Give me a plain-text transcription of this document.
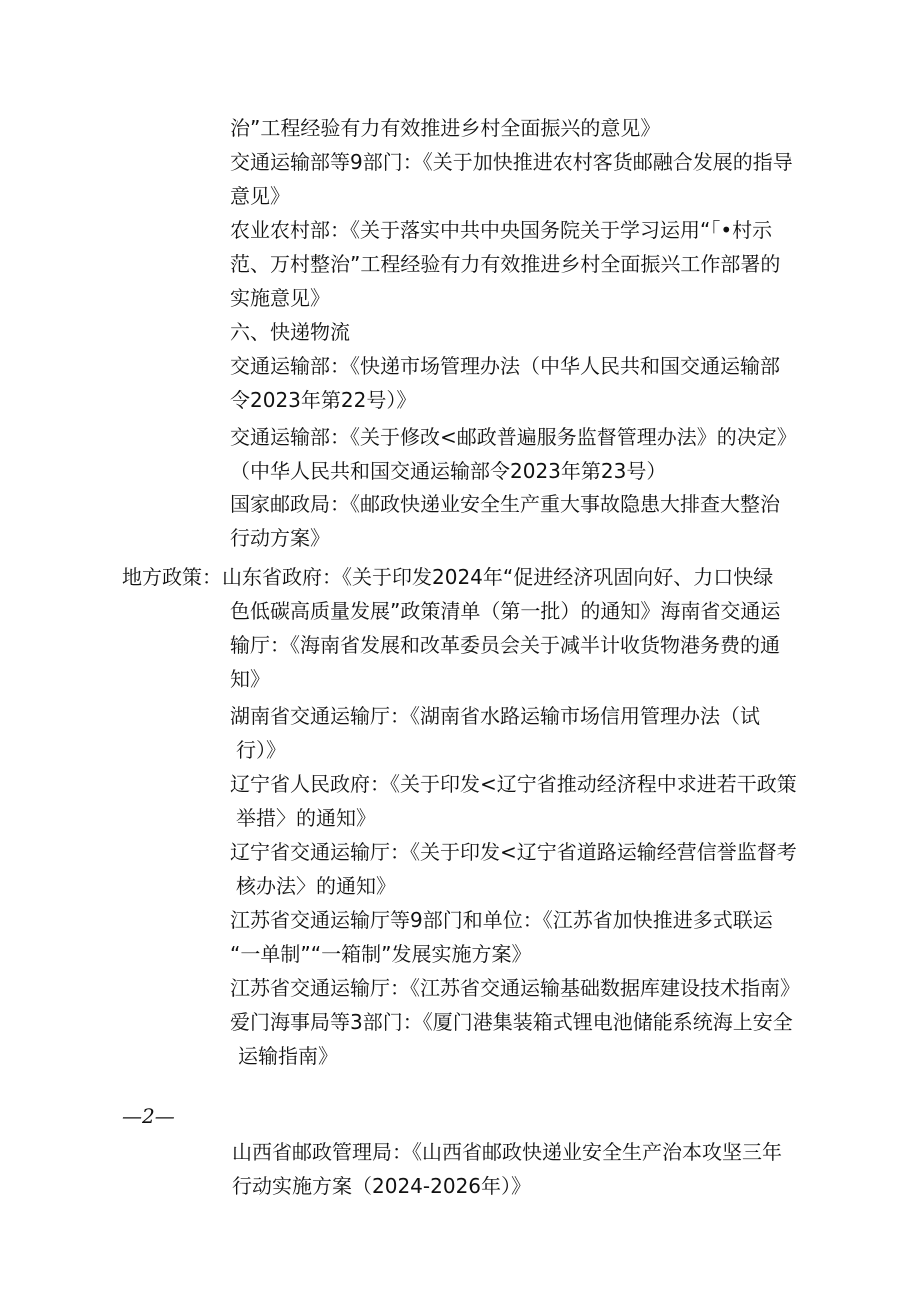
治”工程经验有力有效推进乡村全面振兴的意见》
交通运输部等9部门：《关于加快推进农村客货邮融合发展的指导
意见》
农业农村部：《关于落实中共中央国务院关于学习运用“「•村示
范、万村整治”工程经验有力有效推进乡村全面振兴工作部署的
实施意见》
六、快递物流
交通运输部：《快递市场管理办法（中华人民共和国交通运输部
令2023年第22号）》
交通运输部：《关于修改<邮政普遍服务监督管理办法》的决定》
（中华人民共和国交通运输部令2023年第23号）
国家邮政局：《邮政快递业安全生产重大事故隐患大排查大整治
行动方案》
地方政策：山东省政府：《关于印发2024年“促进经济巩固向好、力口快绿
色低碳高质量发展”政策清单（第一批）的通知》海南省交通运
输厅：《海南省发展和改革委员会关于减半计收货物港务费的通
知》
湖南省交通运输厅：《湖南省水路运输市场信用管理办法（试
行）》
辽宁省人民政府：《关于印发<辽宁省推动经济程中求进若干政策
举措〉的通知》
辽宁省交通运输厅：《关于印发<辽宁省道路运输经营信誉监督考
核办法〉的通知》
江苏省交通运输厅等9部门和单位：《江苏省加快推进多式联运
“一单制”“一箱制”发展实施方案》
江苏省交通运输厅：《江苏省交通运输基础数据库建设技术指南》
爱门海事局等3部门：《厦门港集装箱式锂电池储能系统海上安全
运输指南》
—2—
山西省邮政管理局：《山西省邮政快递业安全生产治本攻坚三年
行动实施方案（2024-2026年）》
